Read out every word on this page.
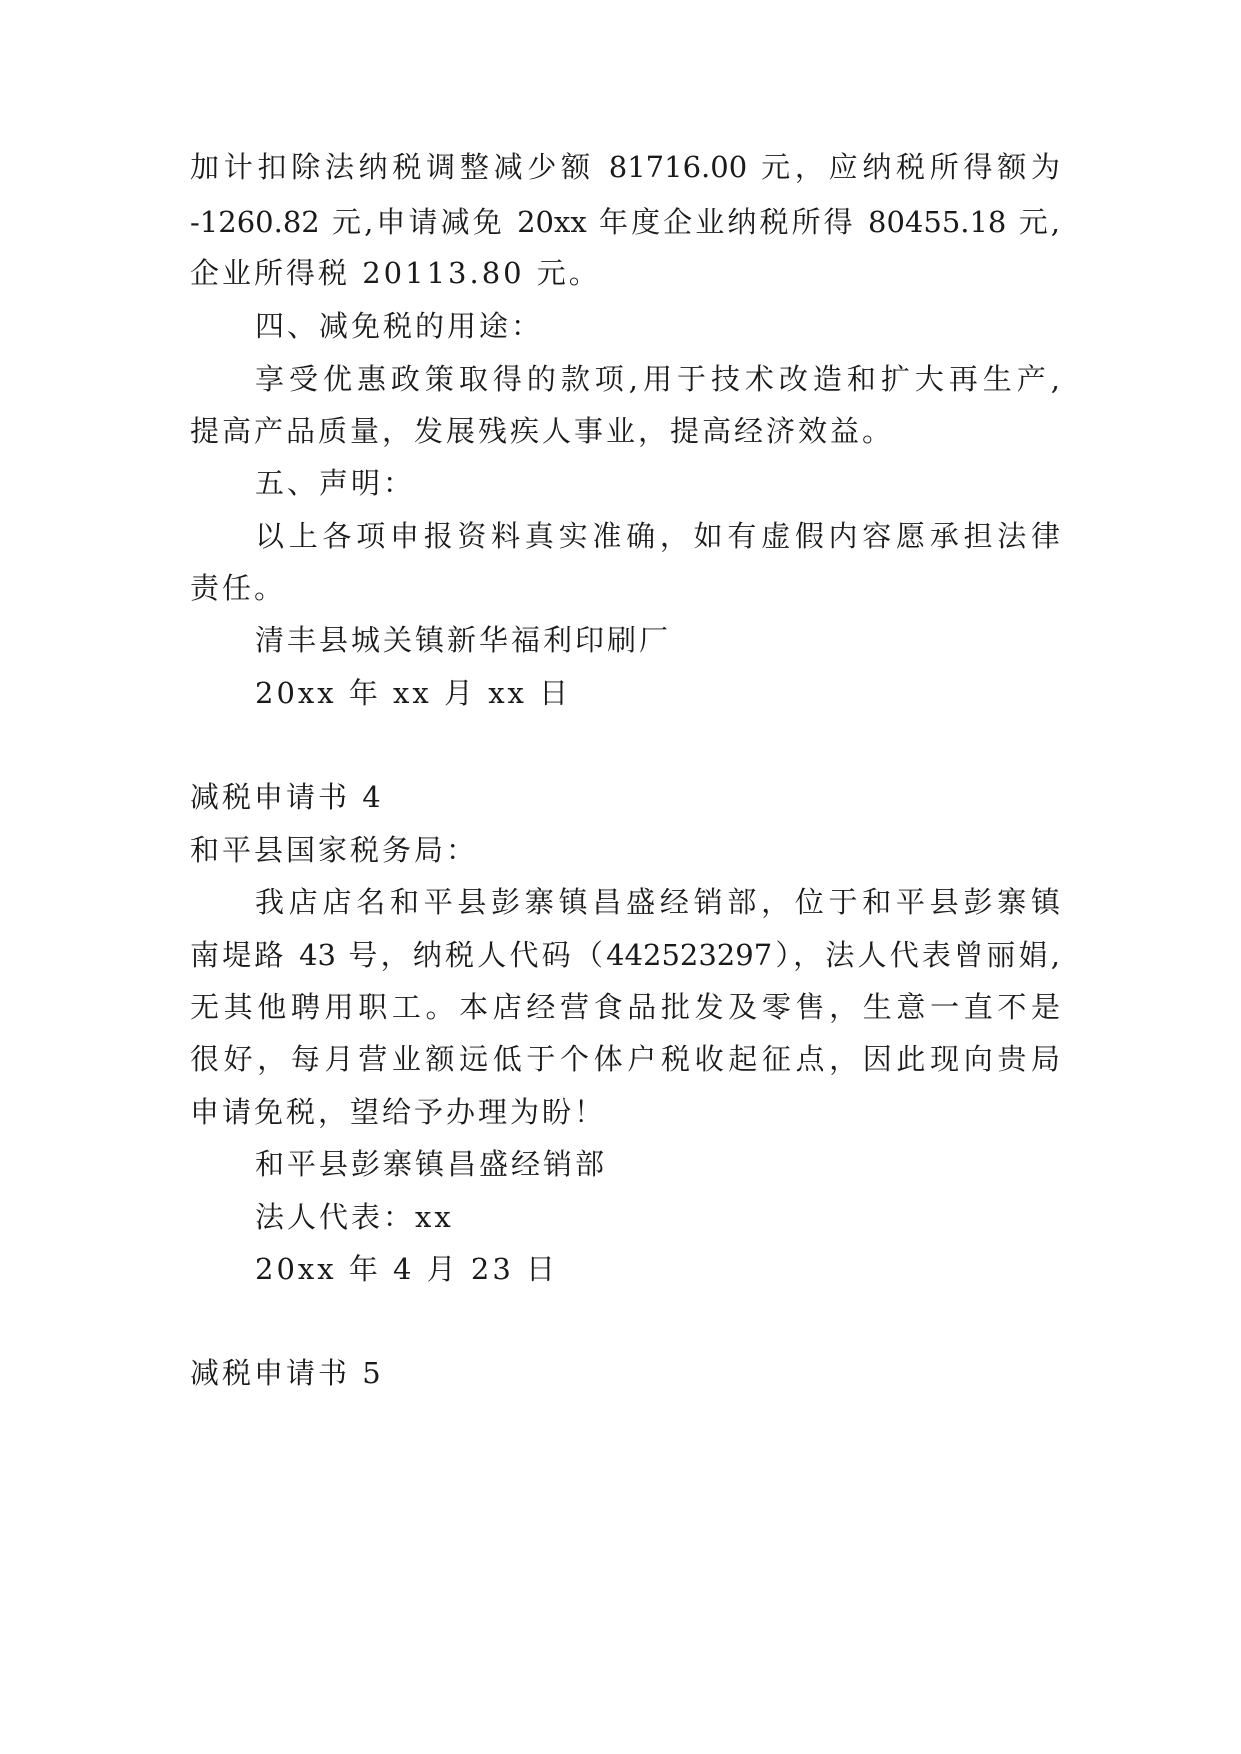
加计扣除法纳税调整减少额 81716.00 元，应纳税所得额为
-1260.82 元,申请减免 20xx 年度企业纳税所得 80455.18 元,
企业所得税 20113.80 元。
四、减免税的用途：
享受优惠政策取得的款项,用于技术改造和扩大再生产,
提高产品质量，发展残疾人事业，提高经济效益。
五、声明：
以上各项申报资料真实准确，如有虚假内容愿承担法律
责任。
清丰县城关镇新华福利印刷厂
20xx 年 xx 月 xx 日
减税申请书 4
和平县国家税务局：
我店店名和平县彭寨镇昌盛经销部，位于和平县彭寨镇
南堤路 43 号，纳税人代码（442523297），法人代表曾丽娟,
无其他聘用职工。本店经营食品批发及零售，生意一直不是
很好，每月营业额远低于个体户税收起征点，因此现向贵局
申请免税，望给予办理为盼！
和平县彭寨镇昌盛经销部
法人代表：xx
20xx 年 4 月 23 日
减税申请书 5
